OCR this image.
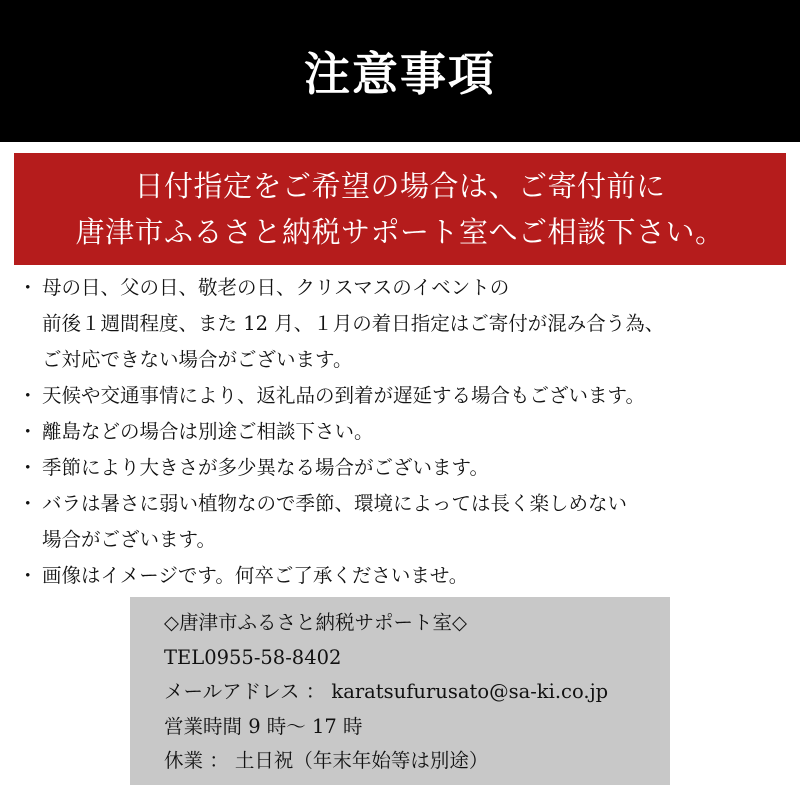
注意事項
日付指定をご希望の場合は、ご寄付前に
唐津市ふるさと納税サポート室へご相談下さい。
・ 母の日、父の日、敬老の日、クリスマスのイベントの
前後１週間程度、また 12 月、１月の着日指定はご寄付が混み合う為、
ご対応できない場合がございます。
・ 天候や交通事情により、返礼品の到着が遅延する場合もございます。
・ 離島などの場合は別途ご相談下さい。
・ 季節により大きさが多少異なる場合がございます。
・ バラは暑さに弱い植物なので季節、環境によっては長く楽しめない
場合がございます。
・ 画像はイメージです。何卒ご了承くださいませ。
◇唐津市ふるさと納税サポート室◇
TEL0955-58-8402
メールアドレス ： karatsufurusato@sa-ki.co.jp
営業時間 9 時～ 17 時
休業 ： 土日祝（年末年始等は別途）
